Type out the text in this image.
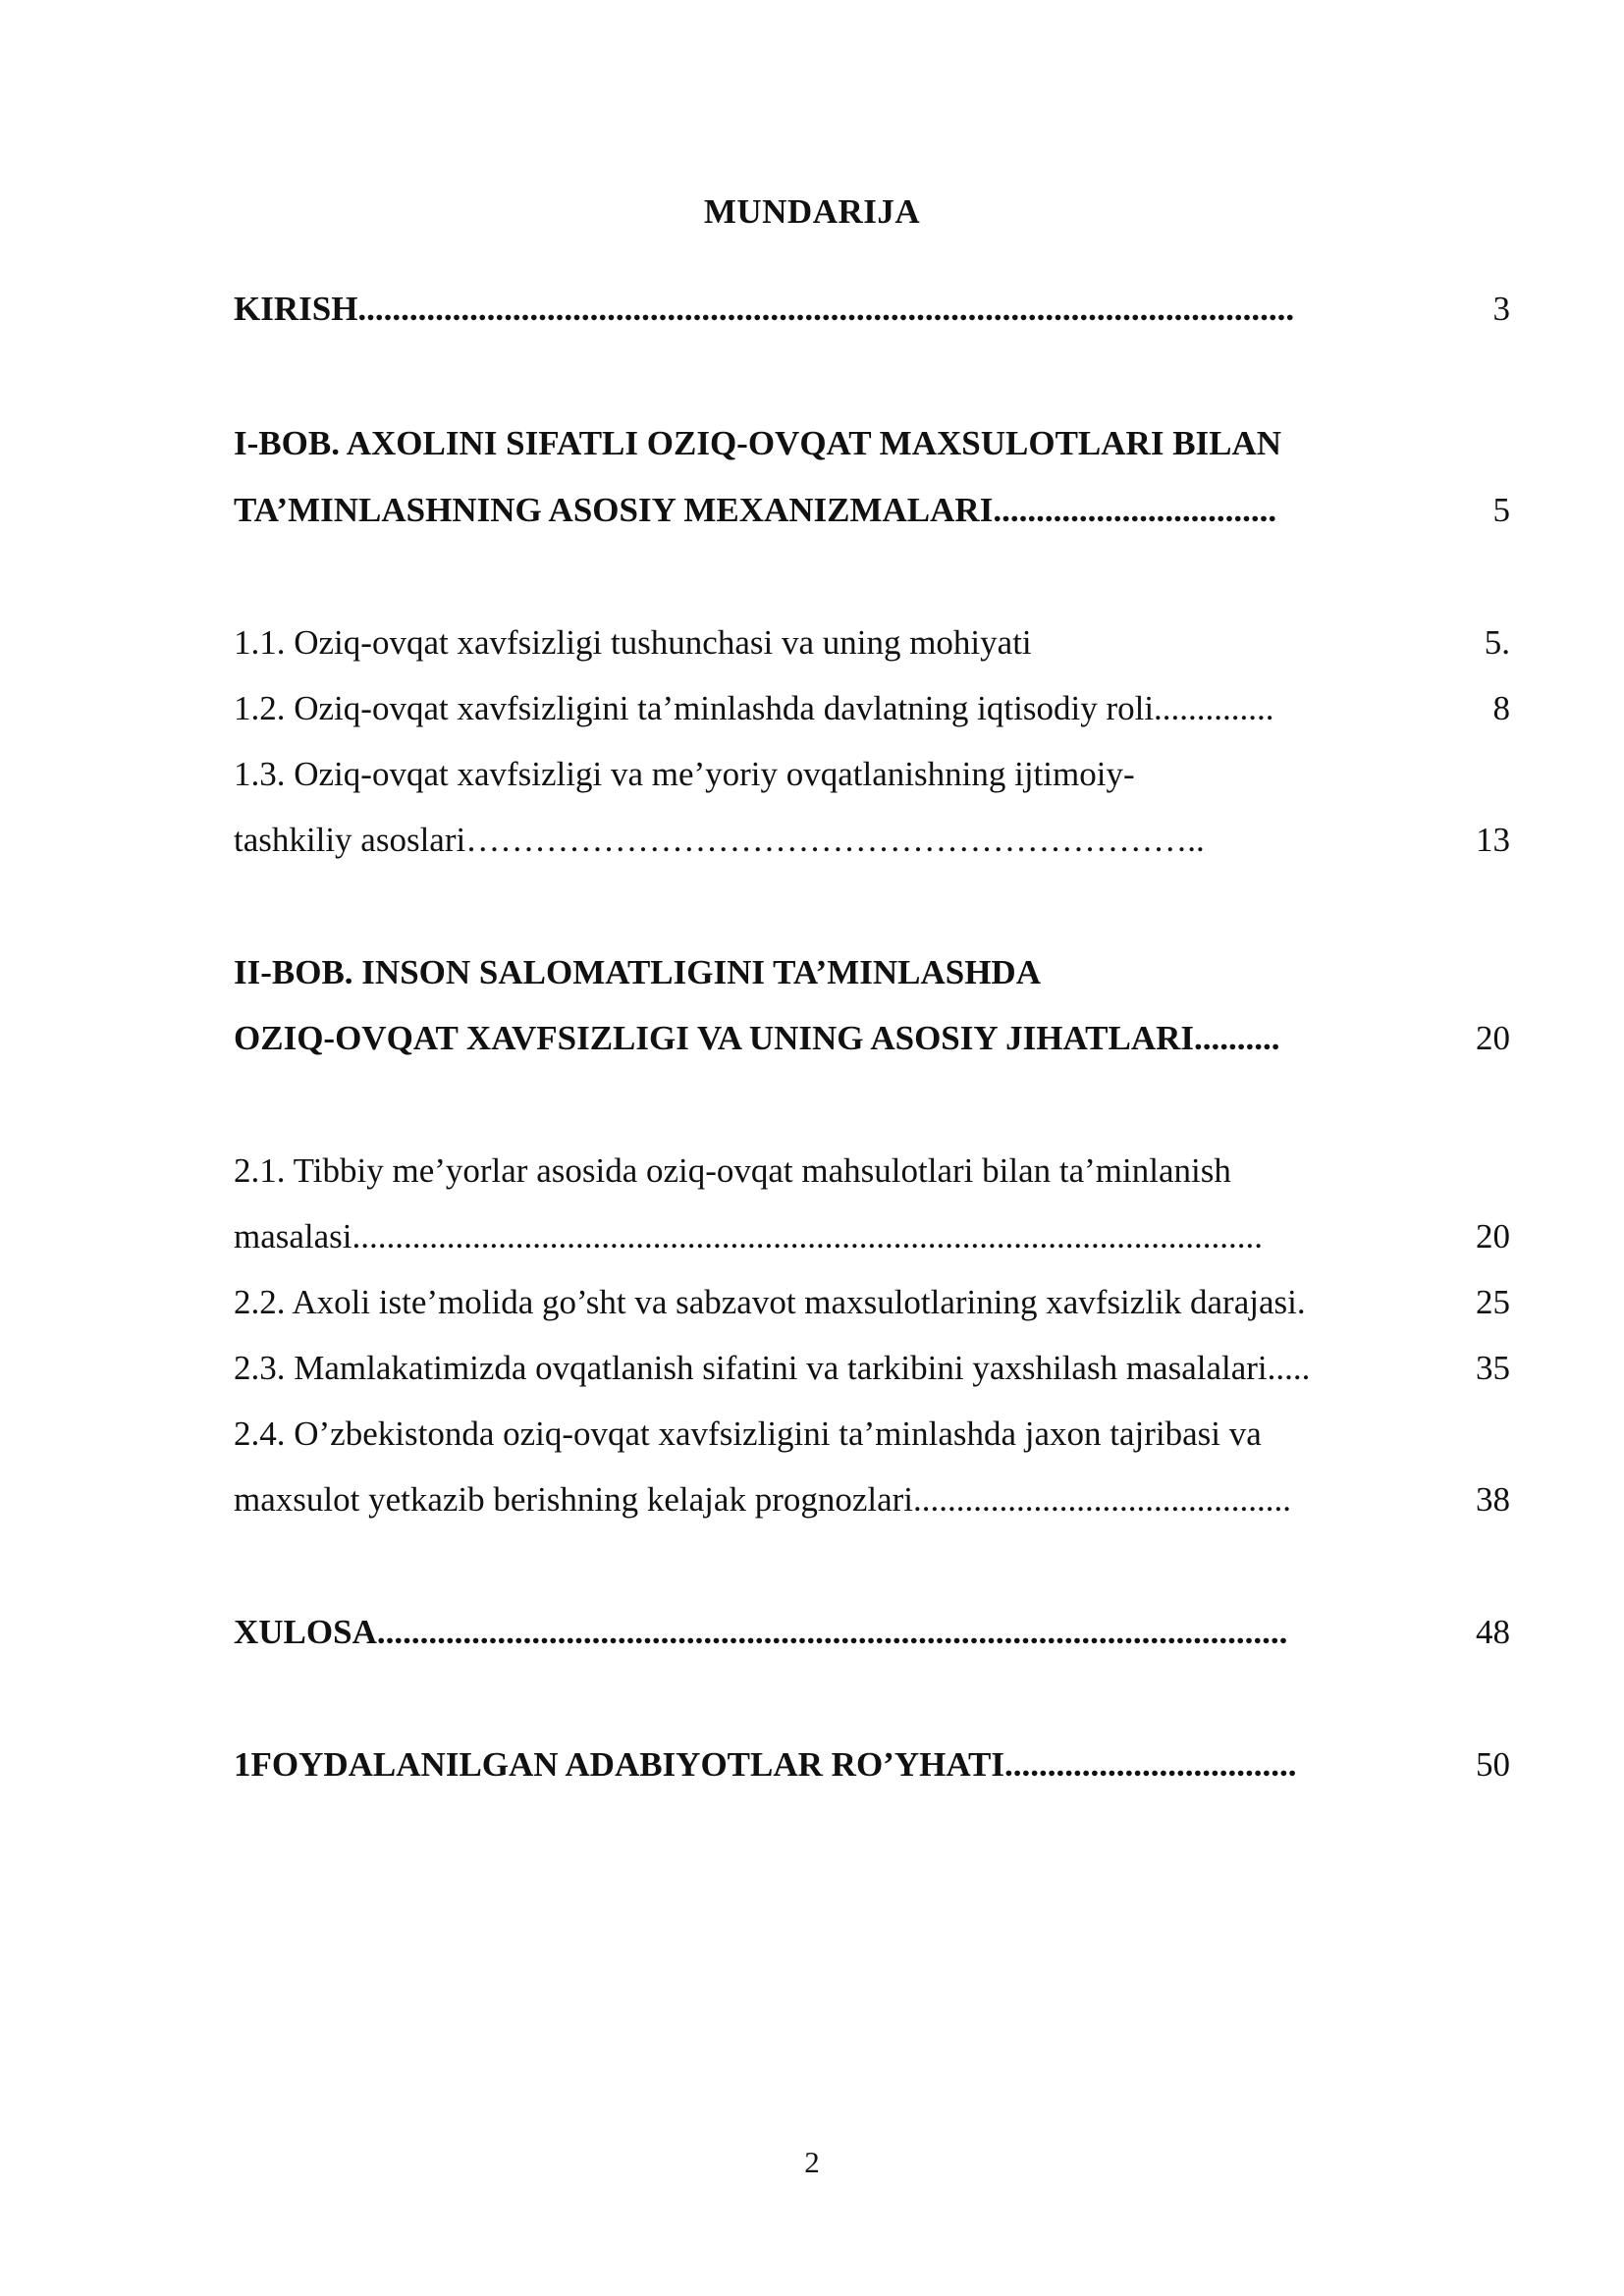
MUNDARIJA
KIRISH.............................................................................................................	3
I-BOB. AXOLINI SIFATLI OZIQ-OVQAT MAXSULOTLARI BILAN
TA’MINLASHNING ASOSIY MEXANIZMALARI.................................	5
1.1. Oziq-ovqat xavfsizligi tushunchasi va uning mohiyati	5.
1.2. Oziq-ovqat xavfsizligini ta’minlashda davlatning iqtisodiy roli..............	8
1.3. Oziq-ovqat xavfsizligi va me’yoriy ovqatlanishning ijtimoiy-
tashkiliy asoslari………………………………………………………..	13
II-BOB. INSON SALOMATLIGINI TA’MINLASHDA
OZIQ-OVQAT XAVFSIZLIGI VA UNING ASOSIY JIHATLARI..........	20
2.1. Tibbiy me’yorlar asosida oziq-ovqat mahsulotlari bilan ta’minlanish
masalasi..........................................................................................................	20
2.2. Axoli iste’molida go’sht va sabzavot maxsulotlarining xavfsizlik darajasi.	25
2.3. Mamlakatimizda ovqatlanish sifatini va tarkibini yaxshilash masalalari.....	35
2.4. O’zbekistonda oziq-ovqat xavfsizligini ta’minlashda jaxon tajribasi va
maxsulot yetkazib berishning kelajak prognozlari............................................	38
XULOSA..........................................................................................................	48
1FOYDALANILGAN ADABIYOTLAR RO’YHATI..................................	50
2
